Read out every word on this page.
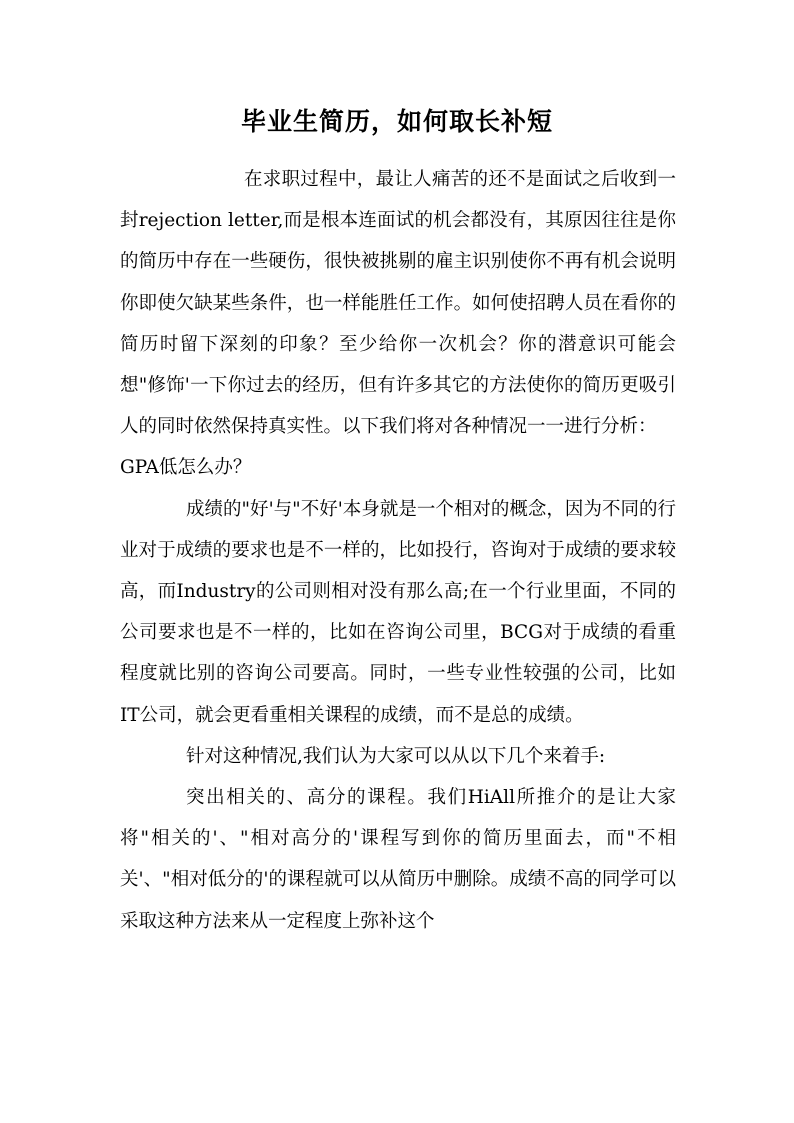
毕业生简历，如何取长补短

在求职过程中，最让人痛苦的还不是面试之后收到一封rejection letter,而是根本连面试的机会都没有，其原因往往是你的简历中存在一些硬伤，很快被挑剔的雇主识别使你不再有机会说明你即使欠缺某些条件，也一样能胜任工作。如何使招聘人员在看你的简历时留下深刻的印象？至少给你一次机会？你的潜意识可能会想"修饰'一下你过去的经历，但有许多其它的方法使你的简历更吸引人的同时依然保持真实性。以下我们将对各种情况一一进行分析：

GPA低怎么办？

成绩的"好'与"不好'本身就是一个相对的概念，因为不同的行业对于成绩的要求也是不一样的，比如投行，咨询对于成绩的要求较高，而Industry的公司则相对没有那么高;在一个行业里面，不同的公司要求也是不一样的，比如在咨询公司里，BCG对于成绩的看重程度就比别的咨询公司要高。同时，一些专业性较强的公司，比如IT公司，就会更看重相关课程的成绩，而不是总的成绩。

针对这种情况,我们认为大家可以从以下几个来着手:

突出相关的、高分的课程。我们HiAll所推介的是让大家将"相关的'、"相对高分的'课程写到你的简历里面去，而"不相关'、"相对低分的'的课程就可以从简历中删除。成绩不高的同学可以采取这种方法来从一定程度上弥补这个
